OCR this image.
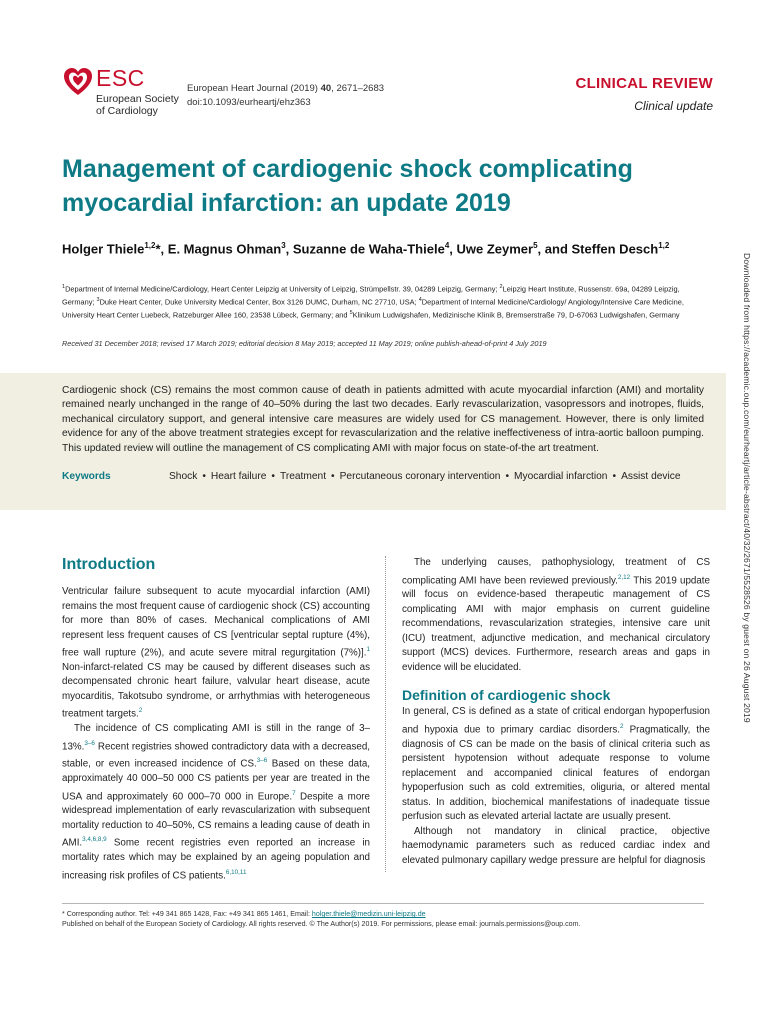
ESC
European Society
of Cardiology
European Heart Journal (2019) 40, 2671–2683
doi:10.1093/eurheartj/ehz363
CLINICAL REVIEW
Clinical update
Management of cardiogenic shock complicating myocardial infarction: an update 2019
Holger Thiele$^{1,2}$*, E. Magnus Ohman$^3$, Suzanne de Waha-Thiele$^4$, Uwe Zeymer$^5$, and Steffen Desch$^{1,2}$
$^1$Department of Internal Medicine/Cardiology, Heart Center Leipzig at University of Leipzig, Strümpellstr. 39, 04289 Leipzig, Germany; $^2$Leipzig Heart Institute, Russenstr. 69a, 04289 Leipzig, Germany; $^3$Duke Heart Center, Duke University Medical Center, Box 3126 DUMC, Durham, NC 27710, USA; $^4$Department of Internal Medicine/Cardiology/ Angiology/Intensive Care Medicine, University Heart Center Luebeck, Ratzeburger Allee 160, 23538 Lübeck, Germany; and $^5$Klinikum Ludwigshafen, Medizinische Klinik B, Bremserstraße 79, D-67063 Ludwigshafen, Germany
Received 31 December 2018; revised 17 March 2019; editorial decision 8 May 2019; accepted 11 May 2019; online publish-ahead-of-print 4 July 2019

Cardiogenic shock (CS) remains the most common cause of death in patients admitted with acute myocardial infarction (AMI) and mortality remained nearly unchanged in the range of 40–50% during the last two decades. Early revascularization, vasopressors and inotropes, fluids, mechanical circulatory support, and general intensive care measures are widely used for CS management. However, there is only limited evidence for any of the above treatment strategies except for revascularization and the relative ineffectiveness of intra-aortic balloon pumping. This updated review will outline the management of CS complicating AMI with major focus on state-of-the art treatment.

Keywords	Shock • Heart failure • Treatment • Percutaneous coronary intervention • Myocardial infarction • Assist device
Introduction

Ventricular failure subsequent to acute myocardial infarction (AMI) remains the most frequent cause of cardiogenic shock (CS) accounting for more than 80% of cases. Mechanical complications of AMI represent less frequent causes of CS [ventricular septal rupture (4%), free wall rupture (2%), and acute severe mitral regurgitation (7%)].$^1$ Non-infarct-related CS may be caused by different diseases such as decompensated chronic heart failure, valvular heart disease, acute myocarditis, Takotsubo syndrome, or arrhythmias with heterogeneous treatment targets.$^2$

The incidence of CS complicating AMI is still in the range of 3–13%.$^{3-6}$ Recent registries showed contradictory data with a decreased, stable, or even increased incidence of CS.$^{3-6}$ Based on these data, approximately 40 000–50 000 CS patients per year are treated in the USA and approximately 60 000–70 000 in Europe.$^7$ Despite a more widespread implementation of early revascularization with subsequent mortality reduction to 40–50%, CS remains a leading cause of death in AMI.$^{3,4,6,8,9}$ Some recent registries even reported an increase in mortality rates which may be explained by an ageing population and increasing risk profiles of CS patients.$^{6,10,11}$

The underlying causes, pathophysiology, treatment of CS complicating AMI have been reviewed previously.$^{2,12}$ This 2019 update will focus on evidence-based therapeutic management of CS complicating AMI with major emphasis on current guideline recommendations, revascularization strategies, intensive care unit (ICU) treatment, adjunctive medication, and mechanical circulatory support (MCS) devices. Furthermore, research areas and gaps in evidence will be elucidated.

Definition of cardiogenic shock

In general, CS is defined as a state of critical endorgan hypoperfusion and hypoxia due to primary cardiac disorders.$^2$ Pragmatically, the diagnosis of CS can be made on the basis of clinical criteria such as persistent hypotension without adequate response to volume replacement and accompanied clinical features of endorgan hypoperfusion such as cold extremities, oliguria, or altered mental status. In addition, biochemical manifestations of inadequate tissue perfusion such as elevated arterial lactate are usually present.

Although not mandatory in clinical practice, objective haemodynamic parameters such as reduced cardiac index and elevated pulmonary capillary wedge pressure are helpful for diagnosis

Downloaded from https://academic.oup.com/eurheartj/article-abstract/40/32/2671/5528526 by guest on 26 August 2019
* Corresponding author. Tel: +49 341 865 1428, Fax: +49 341 865 1461, Email: holger.thiele@medizin.uni-leipzig.de
Published on behalf of the European Society of Cardiology. All rights reserved. © The Author(s) 2019. For permissions, please email: journals.permissions@oup.com.
